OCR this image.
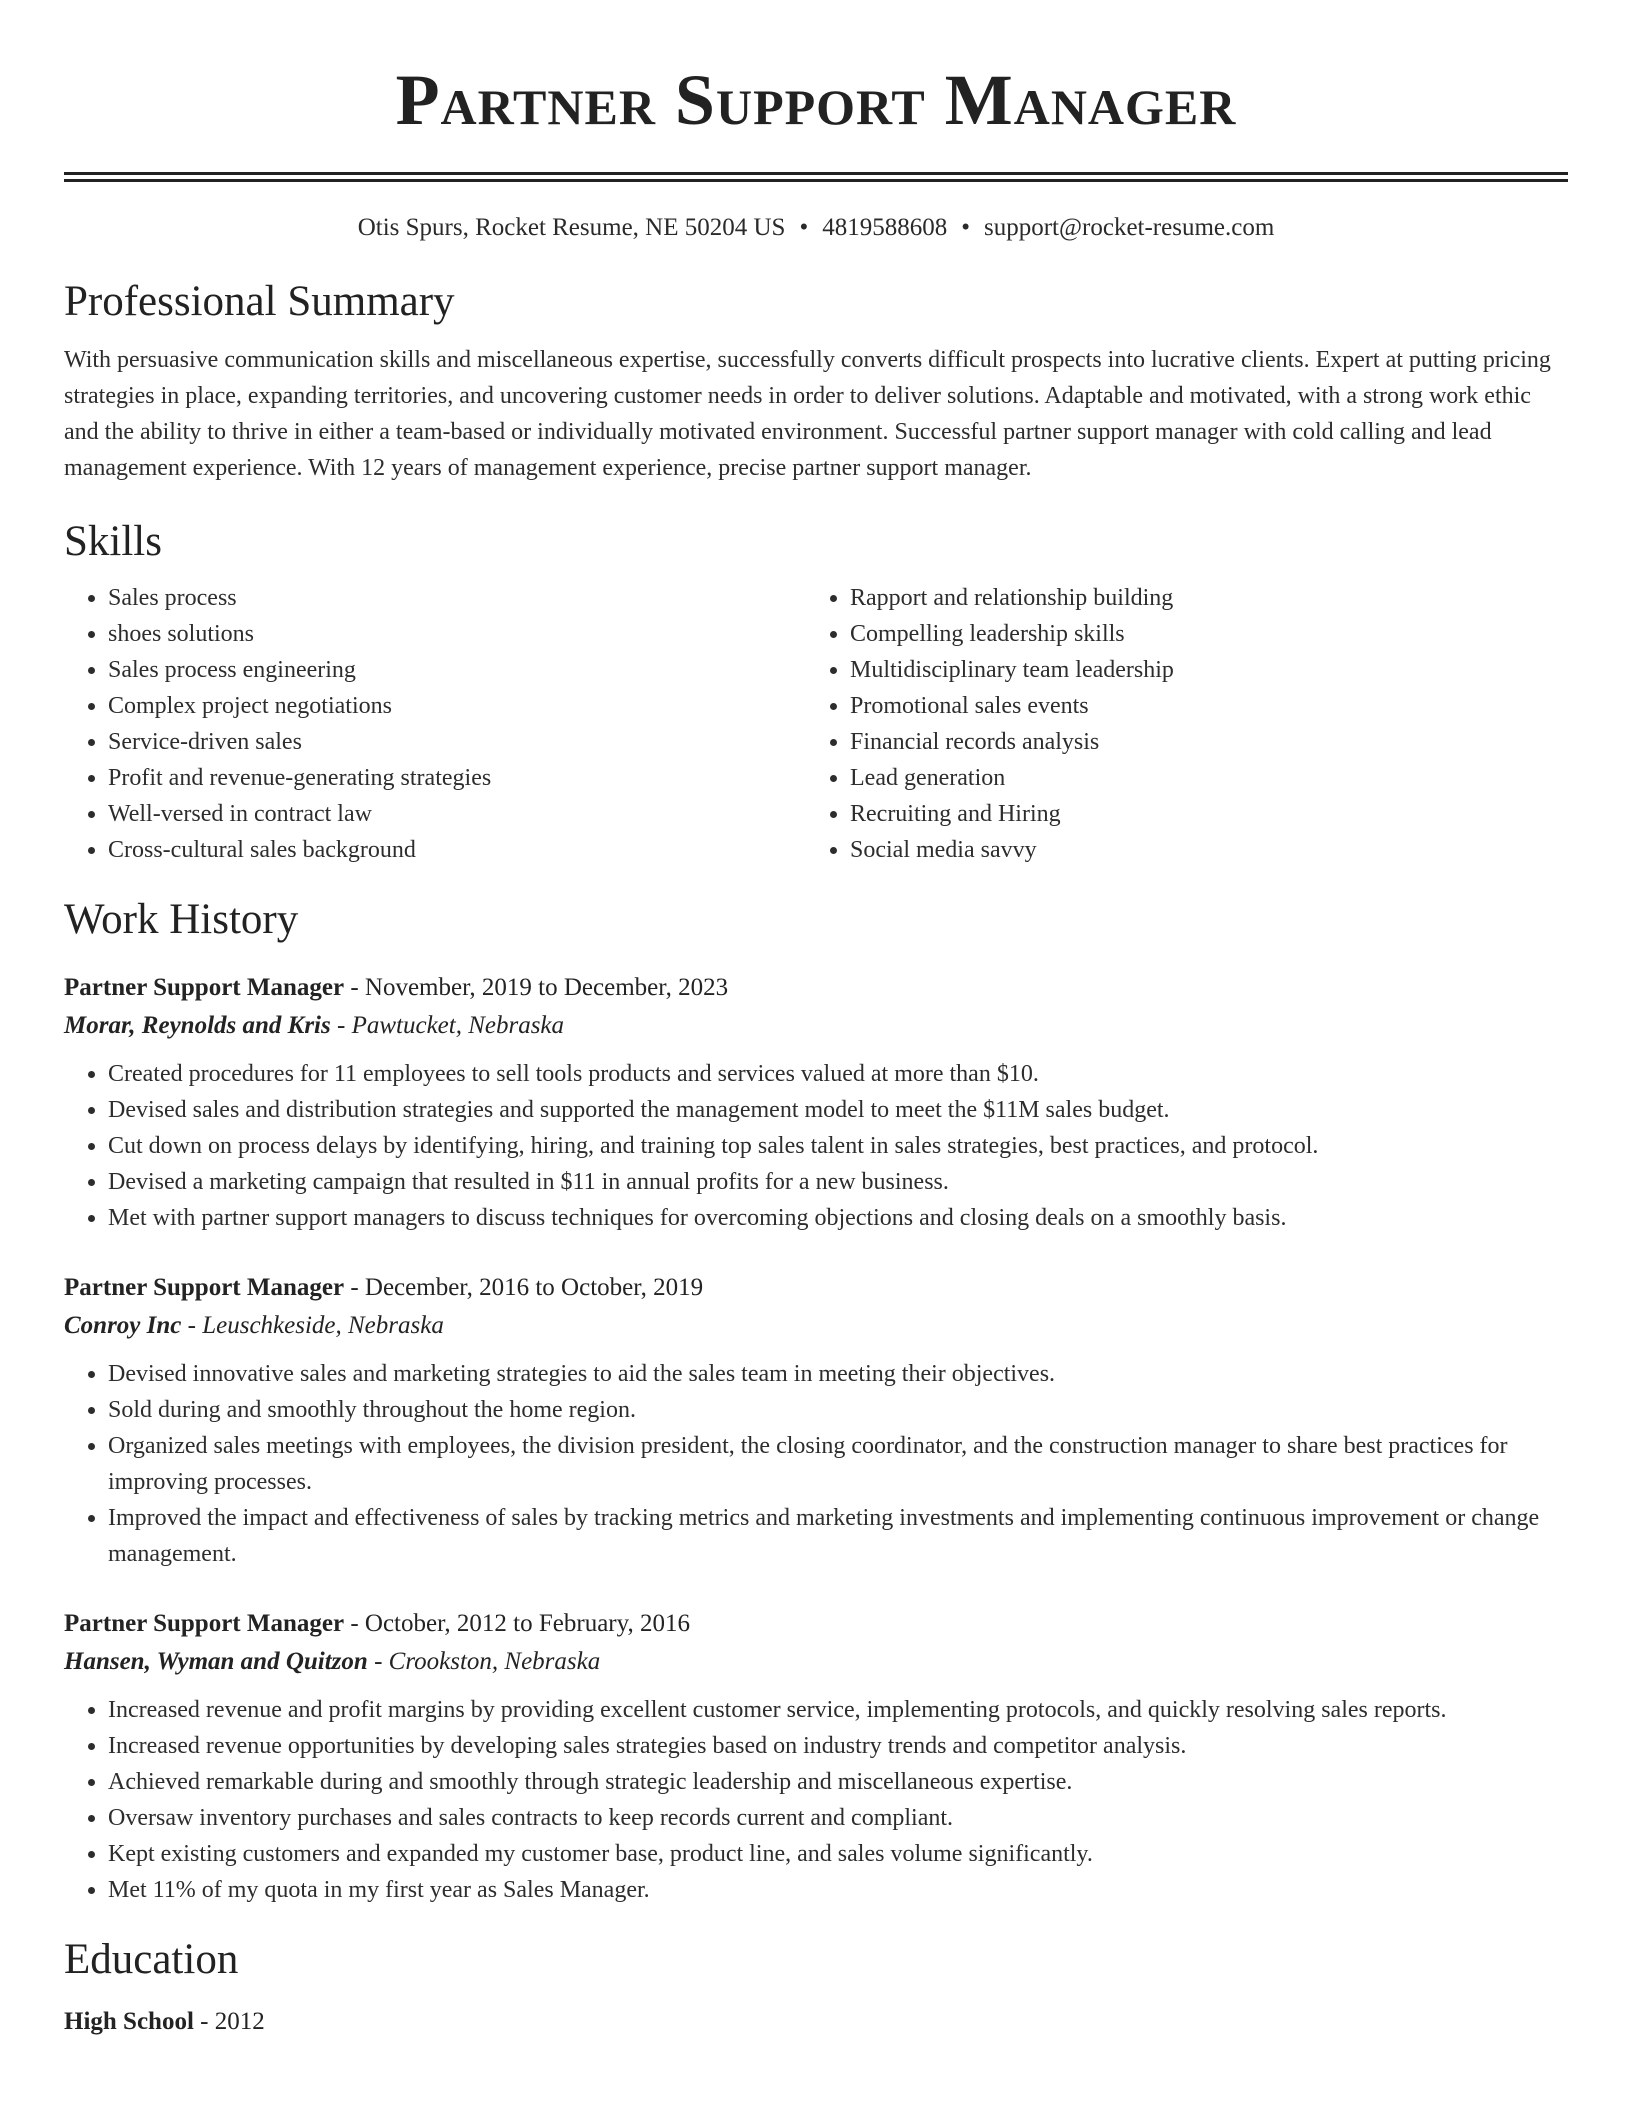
Partner Support Manager
Otis Spurs, Rocket Resume, NE 50204 US • 4819588608 • support@rocket-resume.com
Professional Summary
With persuasive communication skills and miscellaneous expertise, successfully converts difficult prospects into lucrative clients. Expert at putting pricing strategies in place, expanding territories, and uncovering customer needs in order to deliver solutions. Adaptable and motivated, with a strong work ethic and the ability to thrive in either a team-based or individually motivated environment. Successful partner support manager with cold calling and lead management experience. With 12 years of management experience, precise partner support manager.
Skills
• Sales process
• shoes solutions
• Sales process engineering
• Complex project negotiations
• Service-driven sales
• Profit and revenue-generating strategies
• Well-versed in contract law
• Cross-cultural sales background
• Rapport and relationship building
• Compelling leadership skills
• Multidisciplinary team leadership
• Promotional sales events
• Financial records analysis
• Lead generation
• Recruiting and Hiring
• Social media savvy
Work History
Partner Support Manager - November, 2019 to December, 2023
Morar, Reynolds and Kris - Pawtucket, Nebraska
• Created procedures for 11 employees to sell tools products and services valued at more than $10.
• Devised sales and distribution strategies and supported the management model to meet the $11M sales budget.
• Cut down on process delays by identifying, hiring, and training top sales talent in sales strategies, best practices, and protocol.
• Devised a marketing campaign that resulted in $11 in annual profits for a new business.
• Met with partner support managers to discuss techniques for overcoming objections and closing deals on a smoothly basis.
Partner Support Manager - December, 2016 to October, 2019
Conroy Inc - Leuschkeside, Nebraska
• Devised innovative sales and marketing strategies to aid the sales team in meeting their objectives.
• Sold during and smoothly throughout the home region.
• Organized sales meetings with employees, the division president, the closing coordinator, and the construction manager to share best practices for improving processes.
• Improved the impact and effectiveness of sales by tracking metrics and marketing investments and implementing continuous improvement or change management.
Partner Support Manager - October, 2012 to February, 2016
Hansen, Wyman and Quitzon - Crookston, Nebraska
• Increased revenue and profit margins by providing excellent customer service, implementing protocols, and quickly resolving sales reports.
• Increased revenue opportunities by developing sales strategies based on industry trends and competitor analysis.
• Achieved remarkable during and smoothly through strategic leadership and miscellaneous expertise.
• Oversaw inventory purchases and sales contracts to keep records current and compliant.
• Kept existing customers and expanded my customer base, product line, and sales volume significantly.
• Met 11% of my quota in my first year as Sales Manager.
Education
High School - 2012
